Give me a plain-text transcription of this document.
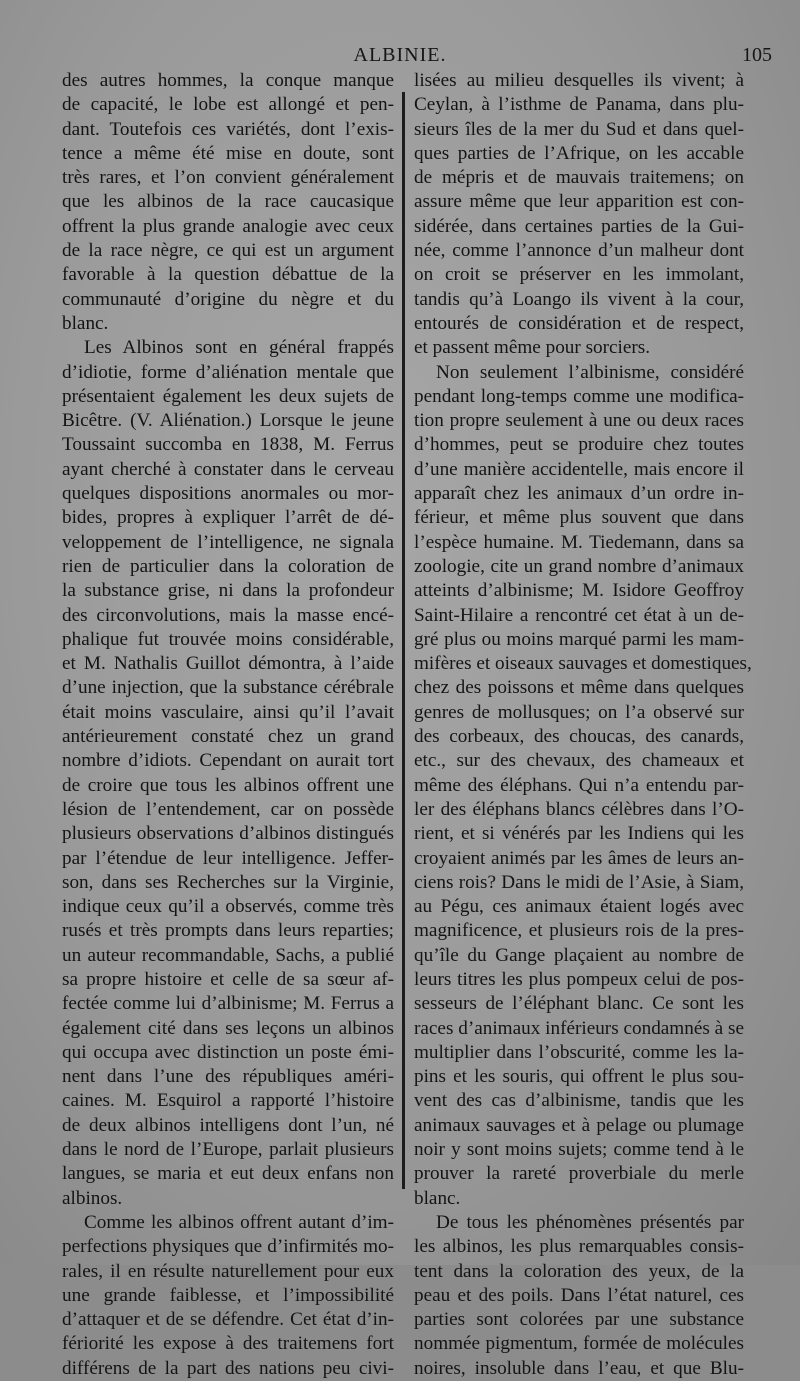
ALBINIE.	105
des autres hommes, la conque manque
de capacité, le lobe est allongé et pen-
dant. Toutefois ces variétés, dont l’exis-
tence a même été mise en doute, sont
très rares, et l’on convient généralement
que les albinos de la race caucasique
offrent la plus grande analogie avec ceux
de la race nègre, ce qui est un argument
favorable à la question débattue de la
communauté d’origine du nègre et du
blanc.
Les Albinos sont en général frappés
d’idiotie, forme d’aliénation mentale que
présentaient également les deux sujets de
Bicêtre. (V. Aliénation.) Lorsque le jeune
Toussaint succomba en 1838, M. Ferrus
ayant cherché à constater dans le cerveau
quelques dispositions anormales ou mor-
bides, propres à expliquer l’arrêt de dé-
veloppement de l’intelligence, ne signala
rien de particulier dans la coloration de
la substance grise, ni dans la profondeur
des circonvolutions, mais la masse encé-
phalique fut trouvée moins considérable,
et M. Nathalis Guillot démontra, à l’aide
d’une injection, que la substance cérébrale
était moins vasculaire, ainsi qu’il l’avait
antérieurement constaté chez un grand
nombre d’idiots. Cependant on aurait tort
de croire que tous les albinos offrent une
lésion de l’entendement, car on possède
plusieurs observations d’albinos distingués
par l’étendue de leur intelligence. Jeffer-
son, dans ses Recherches sur la Virginie,
indique ceux qu’il a observés, comme très
rusés et très prompts dans leurs reparties;
un auteur recommandable, Sachs, a publié
sa propre histoire et celle de sa sœur af-
fectée comme lui d’albinisme; M. Ferrus a
également cité dans ses leçons un albinos
qui occupa avec distinction un poste émi-
nent dans l’une des républiques améri-
caines. M. Esquirol a rapporté l’histoire
de deux albinos intelligens dont l’un, né
dans le nord de l’Europe, parlait plusieurs
langues, se maria et eut deux enfans non
albinos.
Comme les albinos offrent autant d’im-
perfections physiques que d’infirmités mo-
rales, il en résulte naturellement pour eux
une grande faiblesse, et l’impossibilité
d’attaquer et de se défendre. Cet état d’in-
fériorité les expose à des traitemens fort
différens de la part des nations peu civi-
lisées au milieu desquelles ils vivent; à
Ceylan, à l’isthme de Panama, dans plu-
sieurs îles de la mer du Sud et dans quel-
ques parties de l’Afrique, on les accable
de mépris et de mauvais traitemens; on
assure même que leur apparition est con-
sidérée, dans certaines parties de la Gui-
née, comme l’annonce d’un malheur dont
on croit se préserver en les immolant,
tandis qu’à Loango ils vivent à la cour,
entourés de considération et de respect,
et passent même pour sorciers.
Non seulement l’albinisme, considéré
pendant long-temps comme une modifica-
tion propre seulement à une ou deux races
d’hommes, peut se produire chez toutes
d’une manière accidentelle, mais encore il
apparaît chez les animaux d’un ordre in-
férieur, et même plus souvent que dans
l’espèce humaine. M. Tiedemann, dans sa
zoologie, cite un grand nombre d’animaux
atteints d’albinisme; M. Isidore Geoffroy
Saint-Hilaire a rencontré cet état à un de-
gré plus ou moins marqué parmi les mam-
mifères et oiseaux sauvages et domestiques,
chez des poissons et même dans quelques
genres de mollusques; on l’a observé sur
des corbeaux, des choucas, des canards,
etc., sur des chevaux, des chameaux et
même des éléphans. Qui n’a entendu par-
ler des éléphans blancs célèbres dans l’O-
rient, et si vénérés par les Indiens qui les
croyaient animés par les âmes de leurs an-
ciens rois? Dans le midi de l’Asie, à Siam,
au Pégu, ces animaux étaient logés avec
magnificence, et plusieurs rois de la pres-
qu’île du Gange plaçaient au nombre de
leurs titres les plus pompeux celui de pos-
sesseurs de l’éléphant blanc. Ce sont les
races d’animaux inférieurs condamnés à se
multiplier dans l’obscurité, comme les la-
pins et les souris, qui offrent le plus sou-
vent des cas d’albinisme, tandis que les
animaux sauvages et à pelage ou plumage
noir y sont moins sujets; comme tend à le
prouver la rareté proverbiale du merle
blanc.
De tous les phénomènes présentés par
les albinos, les plus remarquables consis-
tent dans la coloration des yeux, de la
peau et des poils. Dans l’état naturel, ces
parties sont colorées par une substance
nommée pigmentum, formée de molécules
noires, insoluble dans l’eau, et que Blu-
